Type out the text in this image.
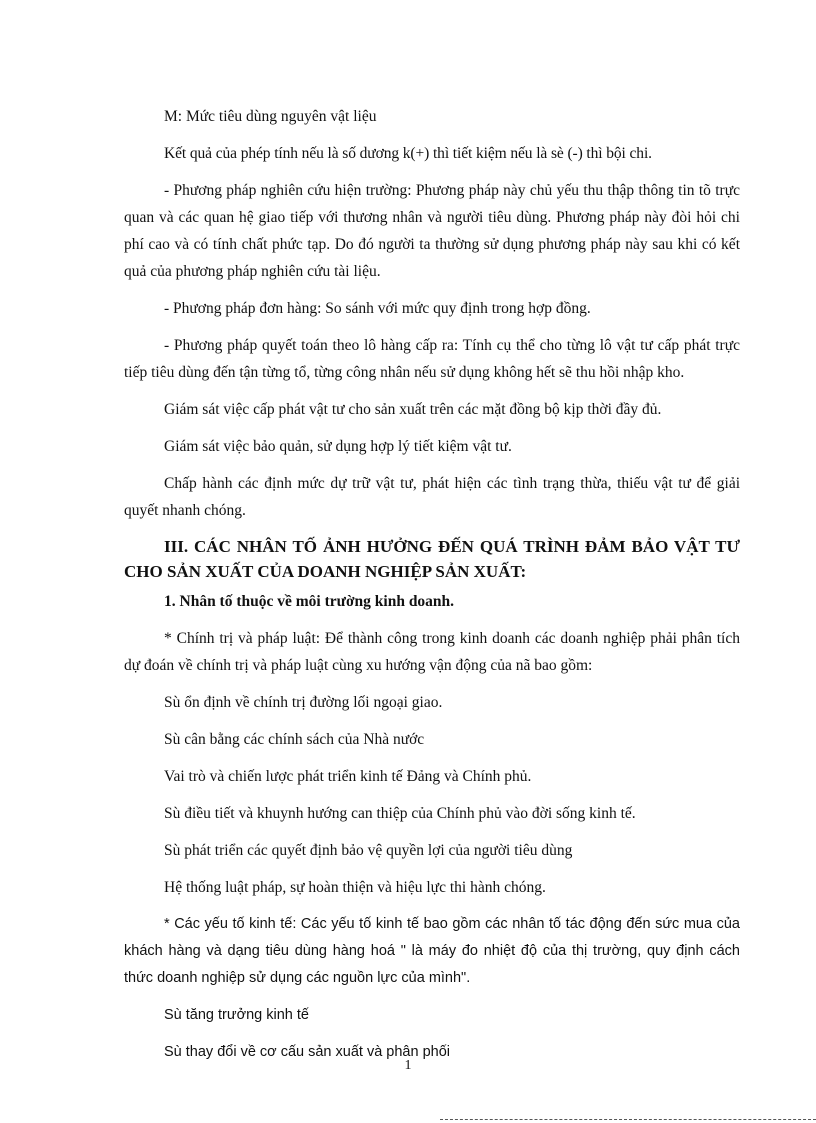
M: Mức tiêu dùng nguyên vật liệu

Kết quả của phép tính nếu là số dương k(+) thì tiết kiệm nếu là sè (-) thì bội chi.

- Phương pháp nghiên cứu hiện trường: Phương pháp này chủ yếu thu thập thông tin tõ trực quan và các quan hệ giao tiếp với thương nhân và người tiêu dùng. Phương pháp này đòi hỏi chi phí cao và có tính chất phức tạp. Do đó người ta thường sử dụng phương pháp này sau khi có kết quả của phương pháp nghiên cứu tài liệu.

- Phương pháp đơn hàng: So sánh với mức quy định trong hợp đồng.

- Phương pháp quyết toán theo lô hàng cấp ra: Tính cụ thể cho từng lô vật tư cấp phát trực tiếp tiêu dùng đến tận từng tổ, từng công nhân nếu sử dụng không hết sẽ thu hồi nhập kho.

Giám sát việc cấp phát vật tư cho sản xuất trên các mặt đồng bộ kịp thời đầy đủ.

Giám sát việc bảo quản, sử dụng hợp lý tiết kiệm vật tư.

Chấp hành các định mức dự trữ vật tư, phát hiện các tình trạng thừa, thiếu vật tư để giải quyết nhanh chóng.

III. CÁC NHÂN TỐ ẢNH HƯỞNG ĐẾN QUÁ TRÌNH ĐẢM BẢO VẬT TƯ CHO SẢN XUẤT CỦA DOANH NGHIỆP SẢN XUẤT:
1. Nhân tố thuộc về môi trường kinh doanh.

* Chính trị và pháp luật: Để thành công trong kinh doanh các doanh nghiệp phải phân tích dự đoán về chính trị và pháp luật cùng xu hướng vận động của nã bao gồm:

Sù ổn định về chính trị đường lối ngoại giao.

Sù cân bằng các chính sách của Nhà nước

Vai trò và chiến lược phát triển kinh tế Đảng và Chính phủ.

Sù điều tiết và khuynh hướng can thiệp của Chính phủ vào đời sống kinh tế.

Sù phát triển các quyết định bảo vệ quyền lợi của người tiêu dùng

Hệ thống luật pháp, sự hoàn thiện và hiệu lực thi hành chóng.

* Các yếu tố kinh tế: Các yếu tố kinh tế bao gồm các nhân tố tác động đến sức mua của khách hàng và dạng tiêu dùng hàng hoá " là máy đo nhiệt độ của thị trường, quy định cách thức doanh nghiệp sử dụng các nguồn lực của mình".

Sù tăng trưởng kinh tế

Sù thay đổi về cơ cấu sản xuất và phân phối

1
